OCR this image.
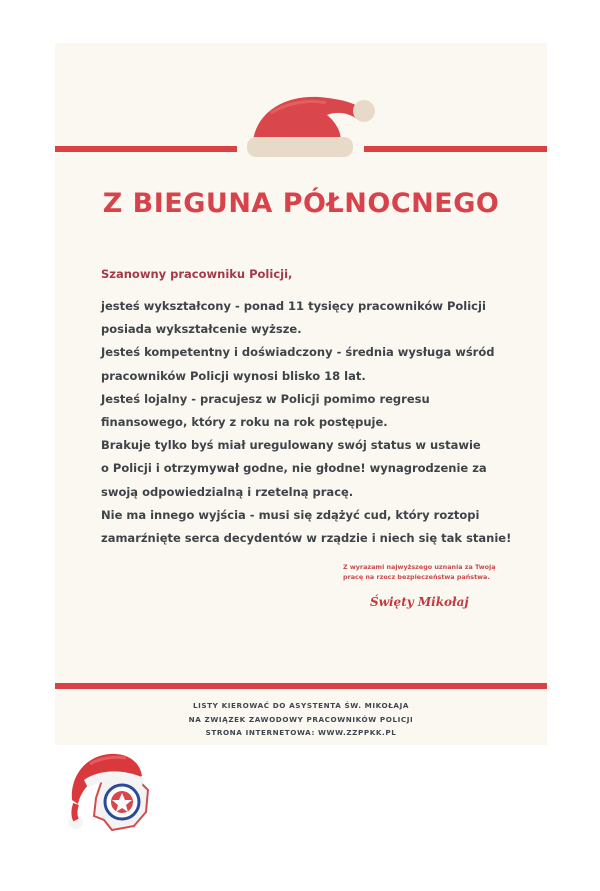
Z BIEGUNA PÓŁNOCNEGO

Szanowny pracowniku Policji,

jesteś wykształcony - ponad 11 tysięcy pracowników Policji
posiada wykształcenie wyższe.
Jesteś kompetentny i doświadczony - średnia wysługa wśród
pracowników Policji wynosi blisko 18 lat.
Jesteś lojalny - pracujesz w Policji pomimo regresu
finansowego, który z roku na rok postępuje.
Brakuje tylko byś miał uregulowany swój status w ustawie
o Policji i otrzymywał godne, nie głodne! wynagrodzenie za
swoją odpowiedzialną i rzetelną pracę.
Nie ma innego wyjścia - musi się zdążyć cud, który roztopi
zamarźnięte serca decydentów w rządzie i niech się tak stanie!

Z wyrazami najwyższego uznania za Twoją
pracę na rzecz bezpieczeństwa państwa.

Święty Mikołaj

LISTY KIEROWAĆ DO ASYSTENTA ŚW. MIKOŁAJA
NA ZWIĄZEK ZAWODOWY PRACOWNIKÓW POLICJI
STRONA INTERNETOWA: WWW.ZZPPKK.PL
